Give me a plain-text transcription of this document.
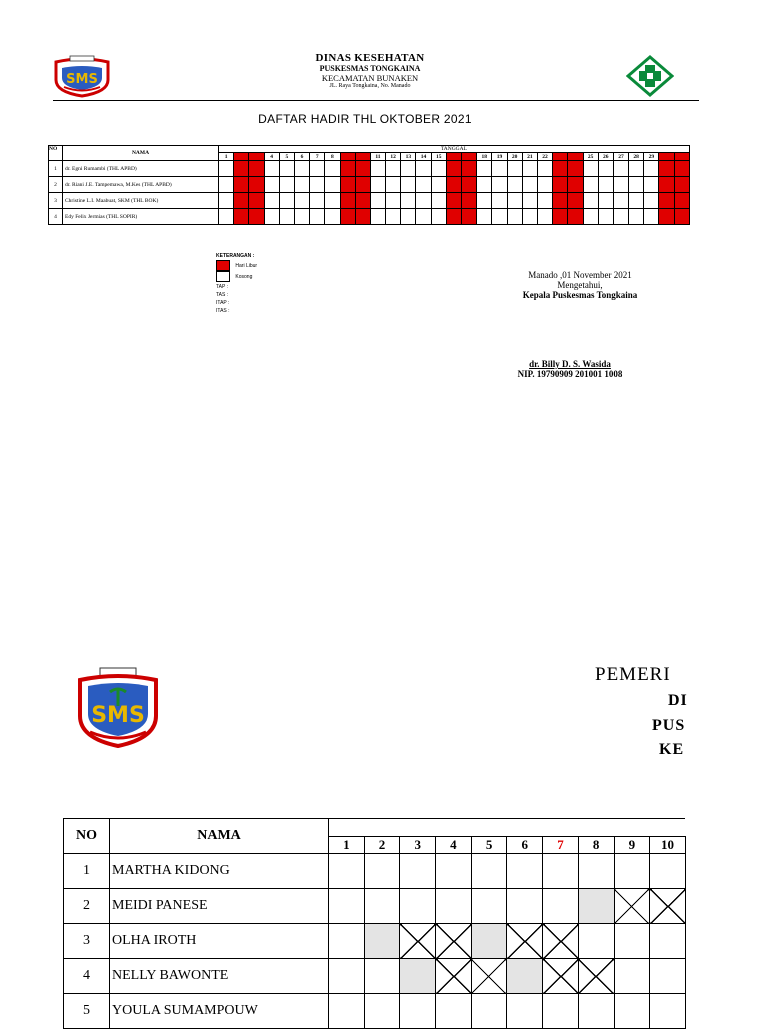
SMS
DINAS KESEHATAN
PUSKESMAS TONGKAINA
KECAMATAN BUNAKEN
JL. Raya Tongkaina, No. Manado
DAFTAR HADIR THL OKTOBER 2021
NO	NAMA	TANGGAL																														
		1	2	3	4	5	6	7	8	9	10	11	12	13	14	15	16	17	18	19	20	21	22	23	24	25	26	27	28	29	30	31
1	dr. Egni Rumambi (THL APBD)																															
2	dr. Riani J.E. Tampemawa, M.Kes (THL APBD)																															
3	Christine L.I. Maabuat, SKM (THL BOK)																															
4	Edy Felix Jermias (THL SOPIR)																															
KETERANGAN :
Hari Libur
Kosong
TAP :
TAS :
ITAP :
ITAS :
Manado ,01 November 2021
Mengetahui,
Kepala Puskesmas Tongkaina
dr. Billy D. S. Wasida
NIP. 19790909 201001 1008
SMS
PEMERI
DI
PUS
KE
NO	NAMA										
		1	2	3	4	5	6	7	8	9	10
1	MARTHA KIDONG										
2	MEIDI PANESE										
3	OLHA IROTH										
4	NELLY BAWONTE										
5	YOULA SUMAMPOUW										
